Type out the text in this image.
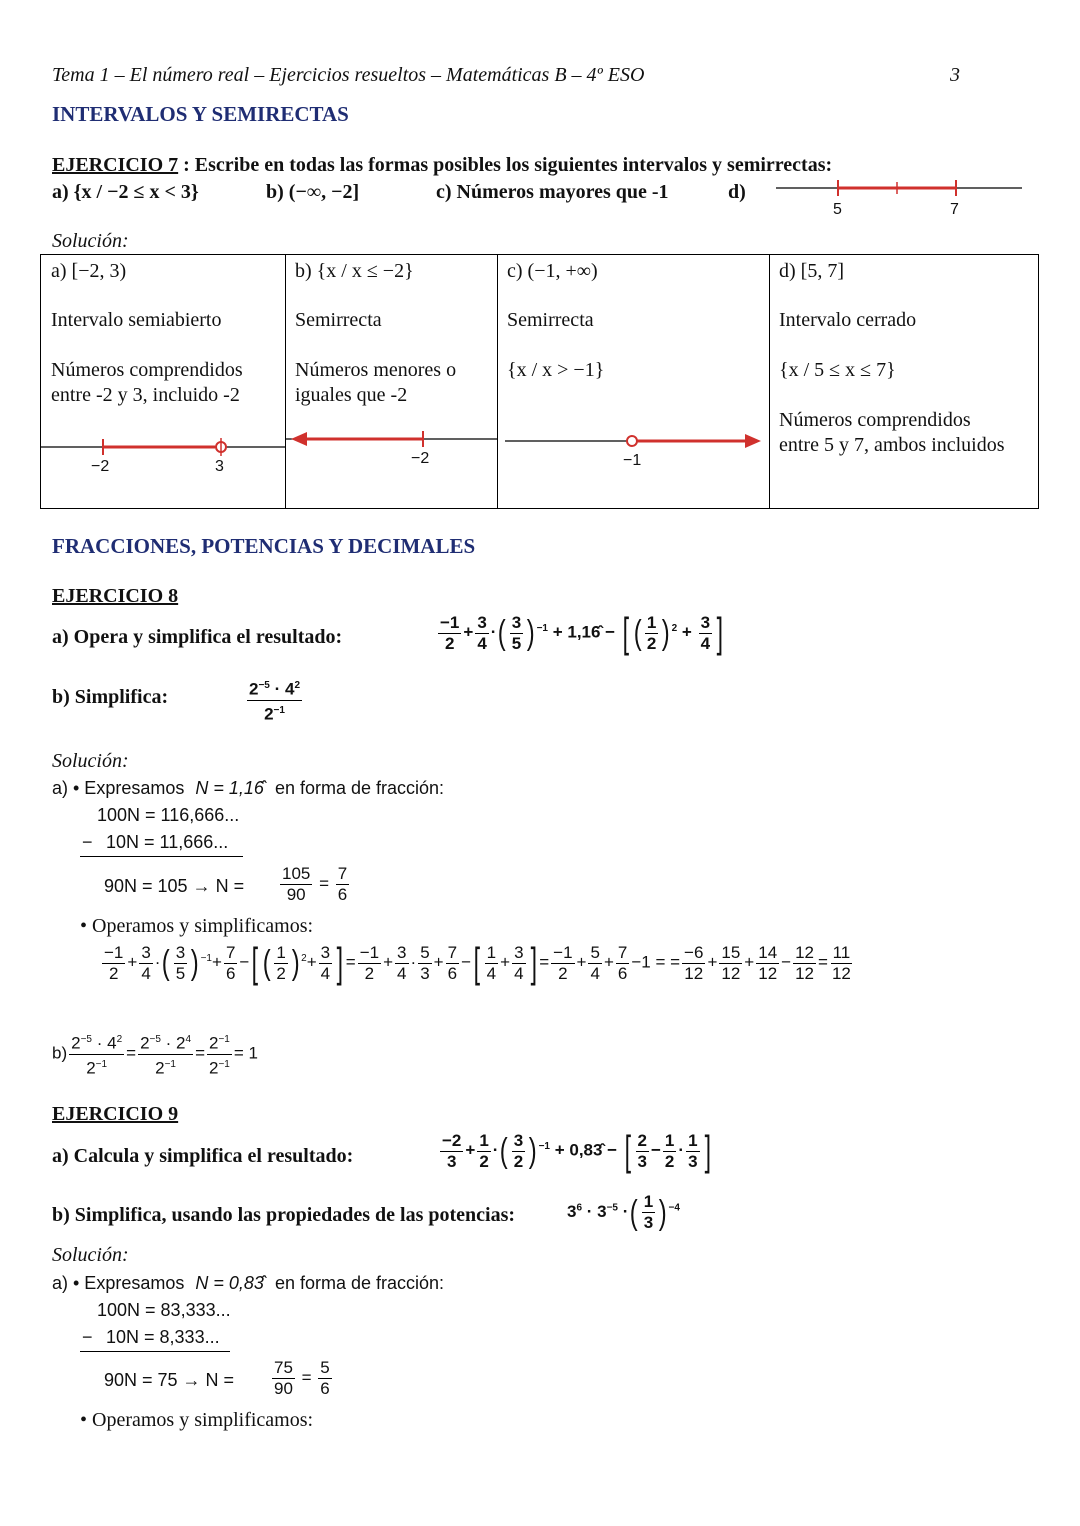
Tema 1 – El número real – Ejercicios resueltos – Matemáticas B – 4º ESO	3
INTERVALOS Y SEMIRECTAS
EJERCICIO 7 : Escribe en todas las formas posibles los siguientes intervalos y semirrectas:
a) {x / −2 ≤ x < 3}	b) (−∞, −2]	c) Números mayores que -1	d)
5	7
Solución:
a) [−2, 3)
Intervalo semiabierto
Números comprendidos
entre -2 y 3, incluido -2
−2	3
b) {x / x ≤ −2}
Semirrecta
Números menores o
iguales que -2
−2
c) (−1, +∞)
Semirrecta
{x / x > −1}
−1
d) [5, 7]
Intervalo cerrado
{x / 5 ≤ x ≤ 7}
Números comprendidos
entre 5 y 7, ambos incluidos
FRACCIONES, POTENCIAS Y DECIMALES
EJERCICIO 8
a) Opera y simplifica el resultado:	$\frac{-1}{2} + \frac{3}{4}$ ·( $\frac{3}{5}$ ) $^{-1}$ + 1,16̂ − [ ( $\frac{1}{2}$ ) $^2 + \frac{3}{4}$ ]
b) Simplifica:	$\frac{2^{-5} \cdot 4^2}{2^{-1}}$
Solución:
a) • Expresamos N = 1,16̂ en forma de fracción:
100N = 116,666...
− 10N = 11,666...
$90N = 105 \to N = \frac{105}{90} = \frac{7}{6}$
• Operamos y simplificamos:
$\frac{-1}{2} + \frac{3}{4}$ ·( $\frac{3}{5}$ ) $^{-1}+ \frac{7}{6}$ −[ ( $\frac{1}{2}$ ) $^2+ \frac{3}{4}$ ] = $\frac{-1}{2} + \frac{3}{4} \cdot \frac{5}{3} + \frac{7}{6}$ −[ $\frac{1}{4} + \frac{3}{4}$ ] = $\frac{-1}{2} + \frac{5}{4} + \frac{7}{6} -1$ = = $\frac{-6}{12} + \frac{15}{12} + \frac{14}{12} - \frac{12}{12} = \frac{11}{12}$
$b) \frac{2^{-5} \cdot 4^2}{2^{-1}} = \frac{2^{-5} \cdot 2^4}{2^{-1}} = \frac{2^{-1}}{2^{-1}} = 1$
EJERCICIO 9
a) Calcula y simplifica el resultado:	$\frac{-2}{3} + \frac{1}{2}$ ·( $\frac{3}{2}$ ) $^{-1}$ + 0,83̂ − [ $\frac{2}{3} - \frac{1}{2} \cdot \frac{1}{3}$ ]
b) Simplifica, usando las propiedades de las potencias:	$3^6 \cdot 3^{-5}$ ·( $\frac{1}{3}$ ) $^{-4}$
Solución:
a) • Expresamos N = 0,83̂ en forma de fracción:
100N = 83,333...
− 10N = 8,333...
$90N = 75 \to N = \frac{75}{90} = \frac{5}{6}$
• Operamos y simplificamos:
